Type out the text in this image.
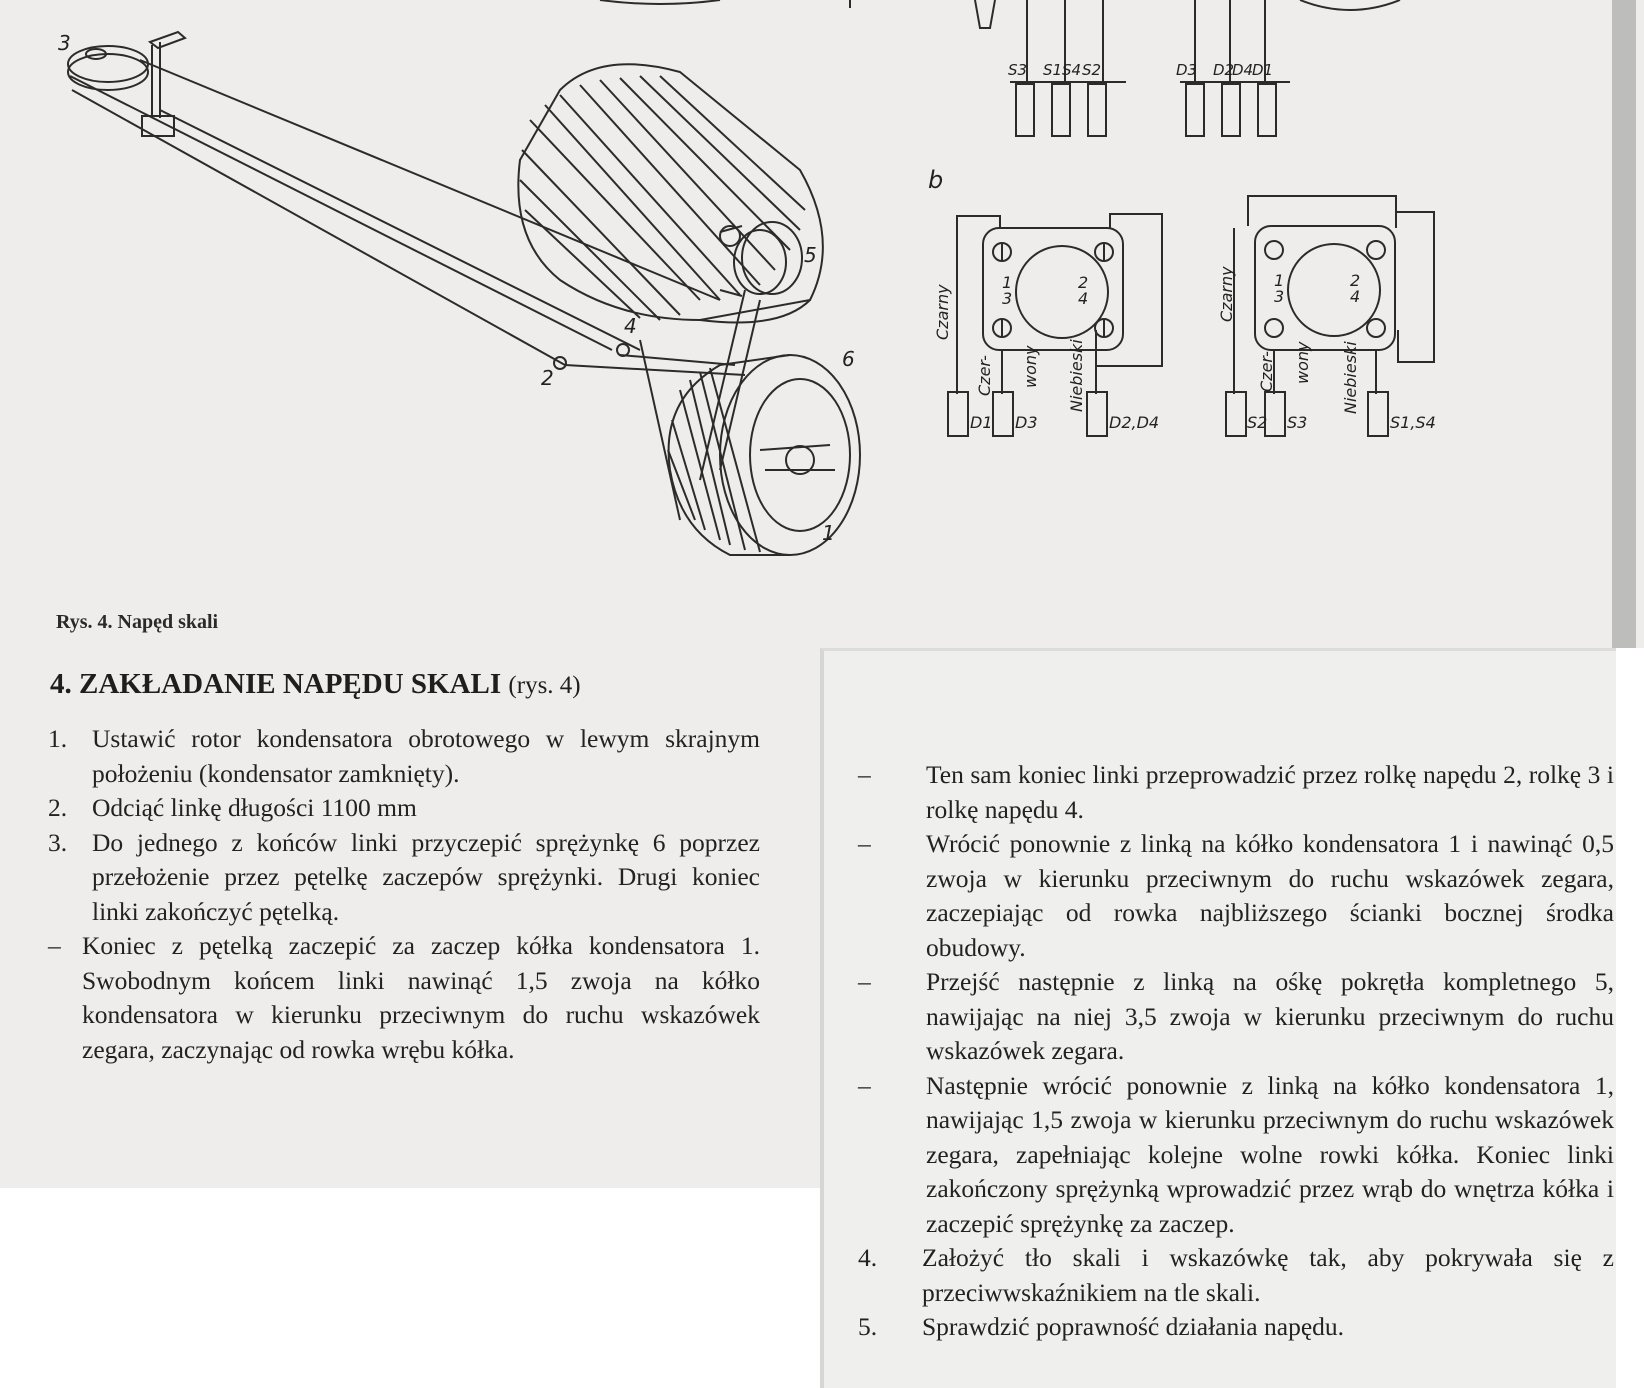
3
2
4
5
6
1
S3 S1 S4 S2	D3 D2
D4
D1
b
1	2
3	4
Czarny
Czer- wony Niebieski
D1 D3	D2,D4
1	2
3	4
Czarny
Czer- wony Niebieski
S2 S3	S1,S4
Rys. 4. Napęd skali
4. ZAKŁADANIE NAPĘDU SKALI (rys. 4)
1. Ustawić rotor kondensatora obrotowego w lewym skrajnym położeniu (kondensator zamknięty).
2. Odciąć linkę długości 1100 mm
3. Do jednego z końców linki przyczepić sprężynkę 6 poprzez przełożenie przez pętelkę zaczepów sprężynki. Drugi koniec linki zakończyć pętelką.
– Koniec z pętelką zaczepić za zaczep kółka kondensatora 1. Swobodnym końcem linki nawinąć 1,5 zwoja na kółko kondensatora w kierunku przeciwnym do ruchu wskazówek zegara, zaczynając od rowka wrębu kółka.
– Ten sam koniec linki przeprowadzić przez rolkę napędu 2, rolkę 3 i rolkę napędu 4.
– Wrócić ponownie z linką na kółko kondensatora 1 i nawinąć 0,5 zwoja w kierunku przeciwnym do ruchu wskazówek zegara, zaczepiając od rowka najbliższego ścianki bocznej środka obudowy.
– Przejść następnie z linką na ośkę pokrętła kompletnego 5, nawijając na niej 3,5 zwoja w kierunku przeciwnym do ruchu wskazówek zegara.
– Następnie wrócić ponownie z linką na kółko kondensatora 1, nawijając 1,5 zwoja w kierunku przeciwnym do ruchu wskazówek zegara, zapełniając kolejne wolne rowki kółka. Koniec linki zakończony sprężynką wprowadzić przez wrąb do wnętrza kółka i zaczepić sprężynkę za zaczep.
4. Założyć tło skali i wskazówkę tak, aby pokrywała się z przeciwwskaźnikiem na tle skali.
5. Sprawdzić poprawność działania napędu.
